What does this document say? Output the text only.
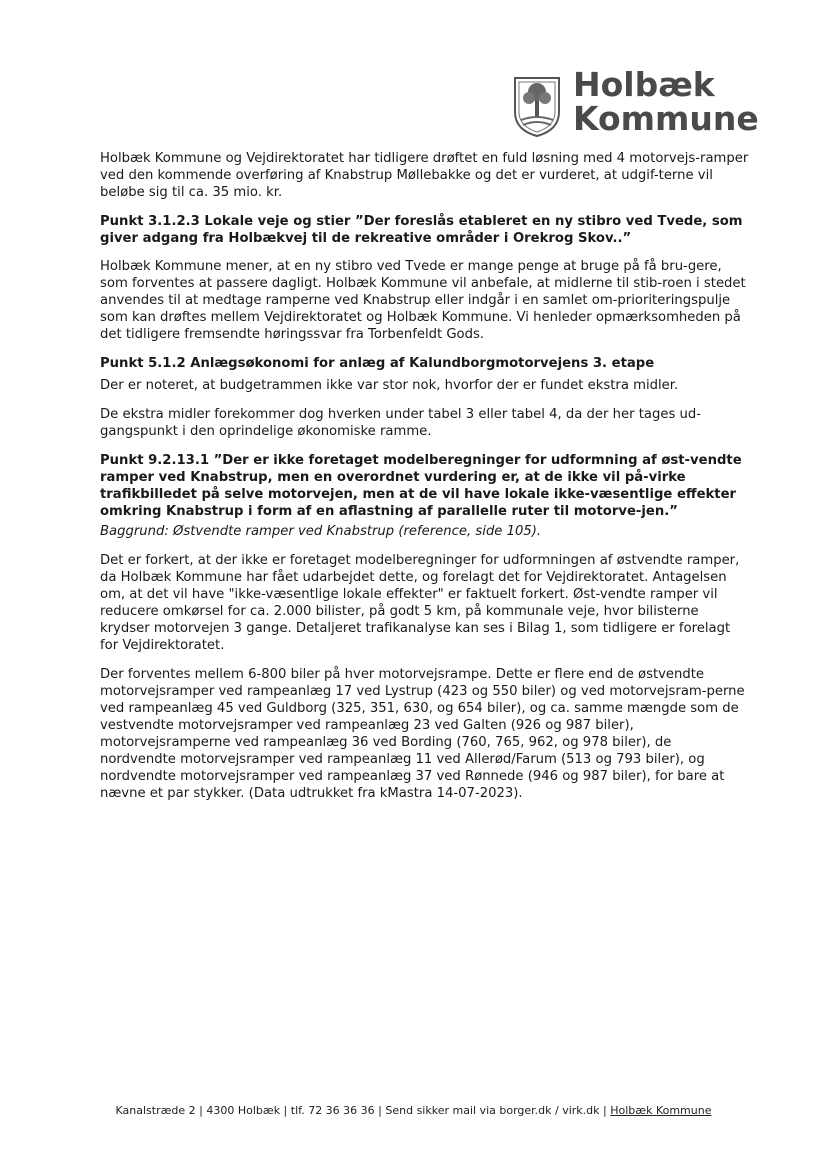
Holbæk
Kommune

Holbæk Kommune og Vejdirektoratet har tidligere drøftet en fuld løsning med 4 motorvejs-ramper ved den kommende overføring af Knabstrup Møllebakke og det er vurderet, at udgif-terne vil beløbe sig til ca. 35 mio. kr.

Punkt 3.1.2.3 Lokale veje og stier ”Der foreslås etableret en ny stibro ved Tvede, som giver adgang fra Holbækvej til de rekreative områder i Orekrog Skov..”

Holbæk Kommune mener, at en ny stibro ved Tvede er mange penge at bruge på få bru-gere, som forventes at passere dagligt. Holbæk Kommune vil anbefale, at midlerne til stib-roen i stedet anvendes til at medtage ramperne ved Knabstrup eller indgår i en samlet om-prioriteringspulje som kan drøftes mellem Vejdirektoratet og Holbæk Kommune. Vi henleder opmærksomheden på det tidligere fremsendte høringssvar fra Torbenfeldt Gods.

Punkt 5.1.2 Anlægsøkonomi for anlæg af Kalundborgmotorvejens 3. etape

Der er noteret, at budgetrammen ikke var stor nok, hvorfor der er fundet ekstra midler.

De ekstra midler forekommer dog hverken under tabel 3 eller tabel 4, da der her tages ud-gangspunkt i den oprindelige økonomiske ramme.

Punkt 9.2.13.1 ”Der er ikke foretaget modelberegninger for udformning af øst-vendte ramper ved Knabstrup, men en overordnet vurdering er, at de ikke vil på-virke trafikbilledet på selve motorvejen, men at de vil have lokale ikke-væsentlige effekter omkring Knabstrup i form af en aflastning af parallelle ruter til motorve-jen.”

Baggrund: Østvendte ramper ved Knabstrup (reference, side 105).

Det er forkert, at der ikke er foretaget modelberegninger for udformningen af østvendte ramper, da Holbæk Kommune har fået udarbejdet dette, og forelagt det for Vejdirektoratet. Antagelsen om, at det vil have "ikke-væsentlige lokale effekter" er faktuelt forkert. Øst-vendte ramper vil reducere omkørsel for ca. 2.000 bilister, på godt 5 km, på kommunale veje, hvor bilisterne krydser motorvejen 3 gange. Detaljeret trafikanalyse kan ses i Bilag 1, som tidligere er forelagt for Vejdirektoratet.

Der forventes mellem 6-800 biler på hver motorvejsrampe. Dette er flere end de østvendte motorvejsramper ved rampeanlæg 17 ved Lystrup (423 og 550 biler) og ved motorvejsram-perne ved rampeanlæg 45 ved Guldborg (325, 351, 630, og 654 biler), og ca. samme mængde som de vestvendte motorvejsramper ved rampeanlæg 23 ved Galten (926 og 987 biler), motorvejsramperne ved rampeanlæg 36 ved Bording (760, 765, 962, og 978 biler), de nordvendte motorvejsramper ved rampeanlæg 11 ved Allerød/Farum (513 og 793 biler), og nordvendte motorvejsramper ved rampeanlæg 37 ved Rønnede (946 og 987 biler), for bare at nævne et par stykker. (Data udtrukket fra kMastra 14-07-2023).

Kanalstræde 2 | 4300 Holbæk | tlf. 72 36 36 36 | Send sikker mail via borger.dk / virk.dk | Holbæk Kommune
